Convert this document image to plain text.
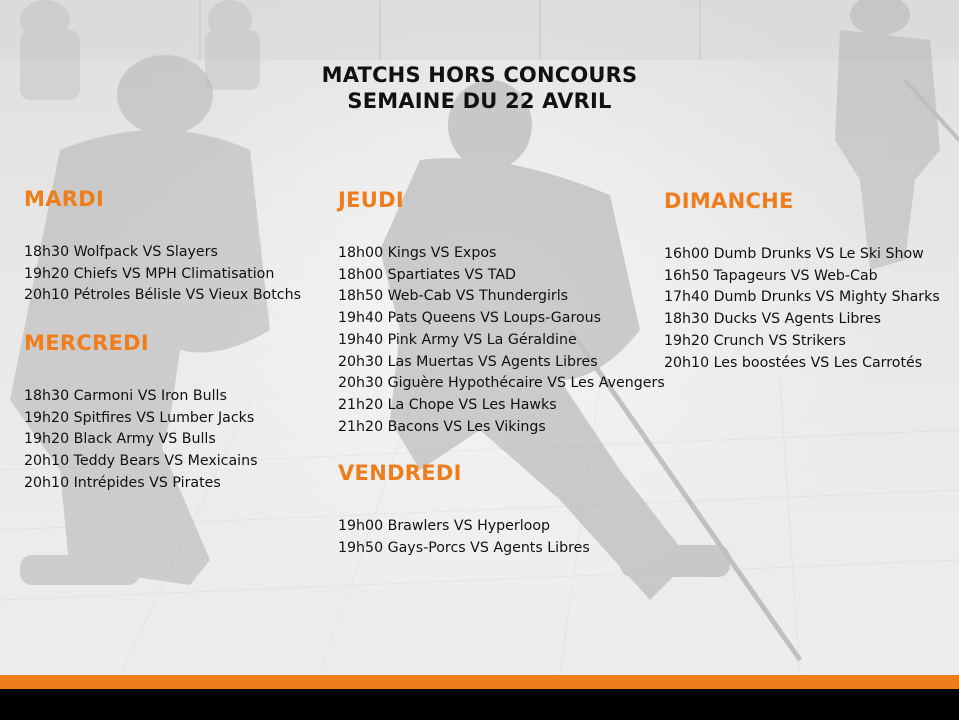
MATCHS HORS CONCOURS
SEMAINE DU 22 AVRIL
MARDI
18h30 Wolfpack VS Slayers
19h20 Chiefs VS MPH Climatisation
20h10 Pétroles Bélisle VS Vieux Botchs
MERCREDI
18h30 Carmoni VS Iron Bulls
19h20 Spitfires VS Lumber Jacks
19h20 Black Army VS Bulls
20h10 Teddy Bears VS Mexicains
20h10 Intrépides VS Pirates
JEUDI
18h00 Kings VS Expos
18h00 Spartiates VS TAD
18h50 Web-Cab VS Thundergirls
19h40 Pats Queens VS Loups-Garous
19h40 Pink Army VS La Géraldine
20h30 Las Muertas VS Agents Libres
20h30 Giguère Hypothécaire VS Les Avengers
21h20 La Chope VS Les Hawks
21h20 Bacons VS Les Vikings
VENDREDI
19h00 Brawlers VS Hyperloop
19h50 Gays-Porcs VS Agents Libres
DIMANCHE
16h00 Dumb Drunks VS Le Ski Show
16h50 Tapageurs VS Web-Cab
17h40 Dumb Drunks VS Mighty Sharks
18h30 Ducks VS Agents Libres
19h20 Crunch VS Strikers
20h10 Les boostées VS Les Carrotés
